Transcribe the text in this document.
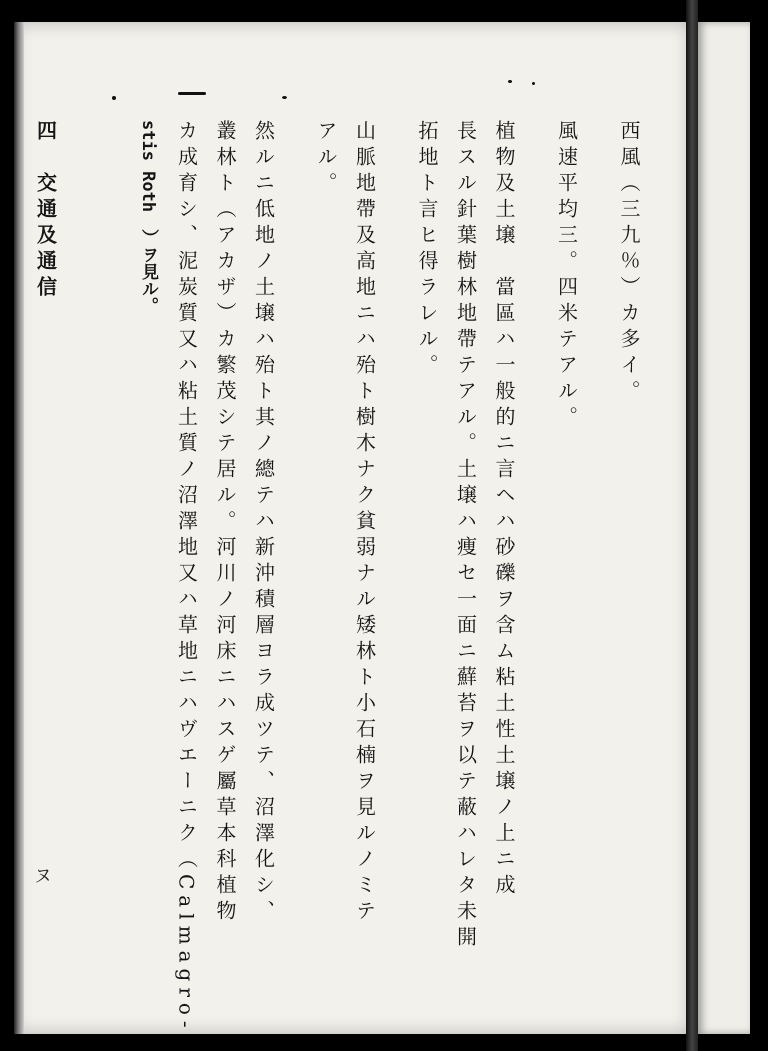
西風（三九％）カ多イ。
風速平均三。四米テアル。
植物及土壌　當區ハ一般的ニ言ヘハ砂礫ヲ含ム粘土性土壌ノ上ニ成
長スル針葉樹林地帶テアル。土壌ハ痩セ一面ニ蘚苔ヲ以テ蔽ハレタ未開
拓地ト言ヒ得ラレル。
山脈地帶及高地ニハ殆ト樹木ナク貧弱ナル矮林ト小石楠ヲ見ルノミテ
アル。
然ルニ低地ノ土壌ハ殆ト其ノ總テハ新沖積層ヨラ成ツテ、沼澤化シ、
叢林ト（アカザ）カ繁茂シテ居ル。河川ノ河床ニハスゲ屬草本科植物
カ成育シ、泥炭質又ハ粘土質ノ沼澤地又ハ草地ニハヴエーニク（Calmagro-
stis Roth　）ヲ見ル。
四　交通及通信
ヌ
